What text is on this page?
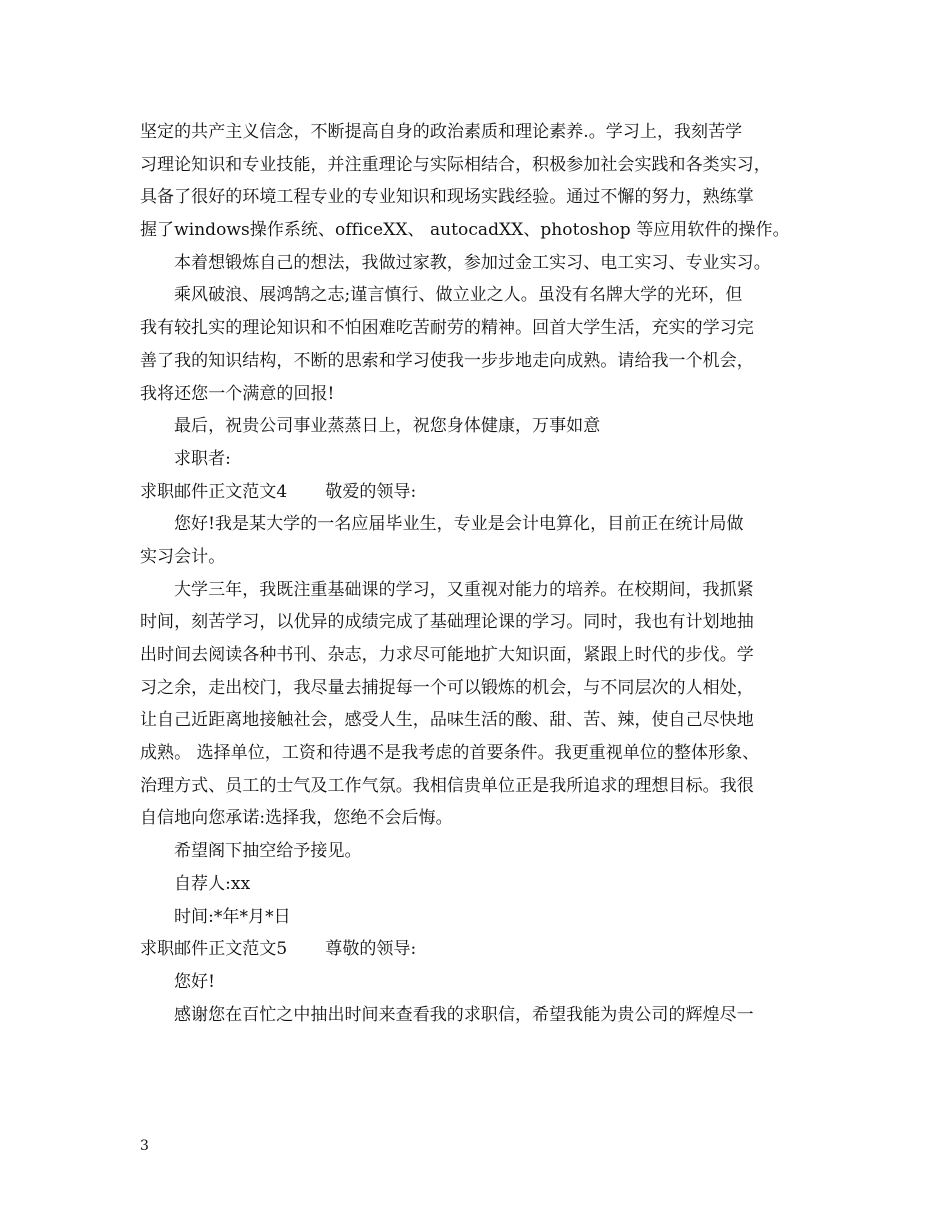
坚定的共产主义信念，不断提高自身的政治素质和理论素养.。学习上，我刻苦学
习理论知识和专业技能，并注重理论与实际相结合，积极参加社会实践和各类实习，
具备了很好的环境工程专业的专业知识和现场实践经验。通过不懈的努力，熟练掌
握了windows操作系统、officeXX、 autocadXX、photoshop 等应用软件的操作。
本着想锻炼自己的想法，我做过家教，参加过金工实习、电工实习、专业实习。
乘风破浪、展鸿鹄之志;谨言慎行、做立业之人。虽没有名牌大学的光环，但
我有较扎实的理论知识和不怕困难吃苦耐劳的精神。回首大学生活，充实的学习完
善了我的知识结构，不断的思索和学习使我一步步地走向成熟。请给我一个机会，
我将还您一个满意的回报!
最后，祝贵公司事业蒸蒸日上，祝您身体健康，万事如意
求职者:
求职邮件正文范文4 敬爱的领导:
您好!我是某大学的一名应届毕业生，专业是会计电算化，目前正在统计局做
实习会计。
大学三年，我既注重基础课的学习，又重视对能力的培养。在校期间，我抓紧
时间，刻苦学习，以优异的成绩完成了基础理论课的学习。同时，我也有计划地抽
出时间去阅读各种书刊、杂志，力求尽可能地扩大知识面，紧跟上时代的步伐。学
习之余，走出校门，我尽量去捕捉每一个可以锻炼的机会，与不同层次的人相处，
让自己近距离地接触社会，感受人生，品味生活的酸、甜、苦、辣，使自己尽快地
成熟。 选择单位，工资和待遇不是我考虑的首要条件。我更重视单位的整体形象、
治理方式、员工的士气及工作气氛。我相信贵单位正是我所追求的理想目标。我很
自信地向您承诺:选择我，您绝不会后悔。
希望阁下抽空给予接见。
自荐人:xx
时间:*年*月*日
求职邮件正文范文5 尊敬的领导:
您好!
感谢您在百忙之中抽出时间来查看我的求职信，希望我能为贵公司的辉煌尽一
3
